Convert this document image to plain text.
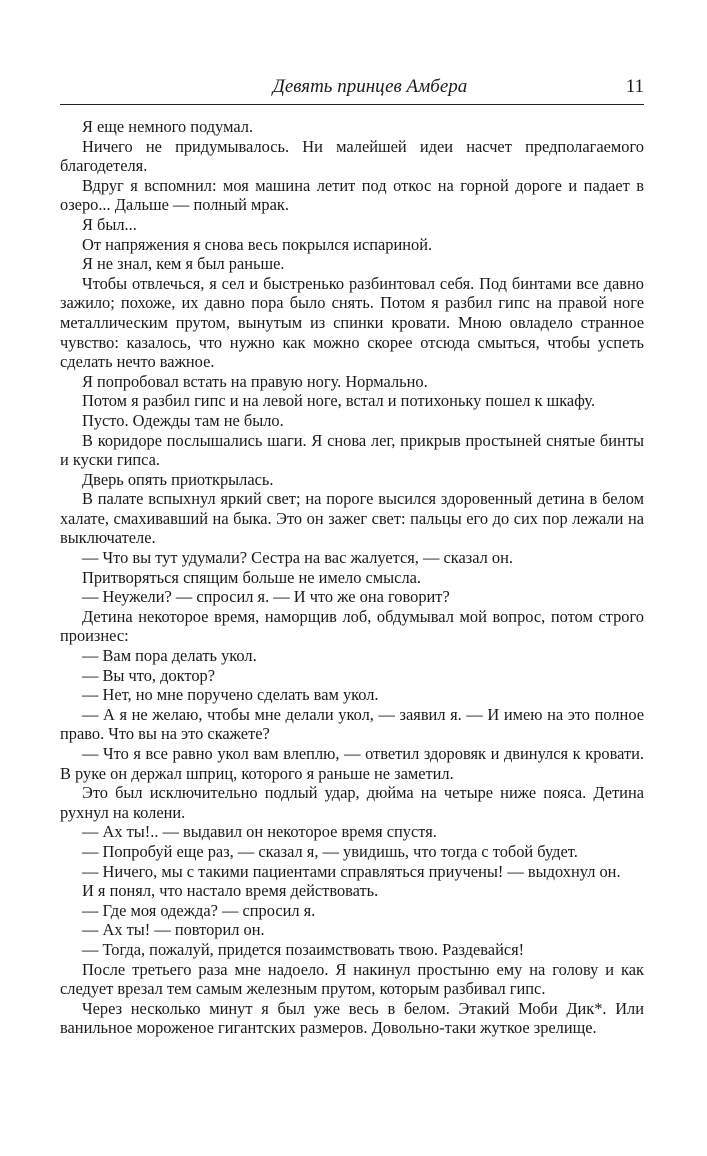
Девять принцев Амбера	11

Я еще немного подумал.

Ничего не придумывалось. Ни малейшей идеи насчет предполагаемого благодетеля.

Вдруг я вспомнил: моя машина летит под откос на горной дороге и падает в озеро... Дальше — полный мрак.

Я был...

От напряжения я снова весь покрылся испариной.

Я не знал, кем я был раньше.

Чтобы отвлечься, я сел и быстренько разбинтовал себя. Под бинтами все давно зажило; похоже, их давно пора было снять. Потом я разбил гипс на правой ноге металлическим прутом, вынутым из спинки кровати. Мною овладело странное чувство: казалось, что нужно как можно скорее отсюда смыться, чтобы успеть сделать нечто важное.

Я попробовал встать на правую ногу. Нормально.

Потом я разбил гипс и на левой ноге, встал и потихоньку пошел к шкафу.

Пусто. Одежды там не было.

В коридоре послышались шаги. Я снова лег, прикрыв простыней снятые бинты и куски гипса.

Дверь опять приоткрылась.

В палате вспыхнул яркий свет; на пороге высился здоровенный детина в белом халате, смахивавший на быка. Это он зажег свет: пальцы его до сих пор лежали на выключателе.

— Что вы тут удумали? Сестра на вас жалуется, — сказал он.

Притворяться спящим больше не имело смысла.

— Неужели? — спросил я. — И что же она говорит?

Детина некоторое время, наморщив лоб, обдумывал мой вопрос, потом строго произнес:

— Вам пора делать укол.

— Вы что, доктор?

— Нет, но мне поручено сделать вам укол.

— А я не желаю, чтобы мне делали укол, — заявил я. — И имею на это полное право. Что вы на это скажете?

— Что я все равно укол вам влеплю, — ответил здоровяк и двинулся к кровати. В руке он держал шприц, которого я раньше не заметил.

Это был исключительно подлый удар, дюйма на четыре ниже пояса. Детина рухнул на колени.

— Ах ты!.. — выдавил он некоторое время спустя.

— Попробуй еще раз, — сказал я, — увидишь, что тогда с тобой будет.

— Ничего, мы с такими пациентами справляться приучены! — выдохнул он.

И я понял, что настало время действовать.

— Где моя одежда? — спросил я.

— Ах ты! — повторил он.

— Тогда, пожалуй, придется позаимствовать твою. Раздевайся!

После третьего раза мне надоело. Я накинул простыню ему на голову и как следует врезал тем самым железным прутом, которым разбивал гипс.

Через несколько минут я был уже весь в белом. Этакий Моби Дик*. Или ванильное мороженое гигантских размеров. Довольно-таки жуткое зрелище.
